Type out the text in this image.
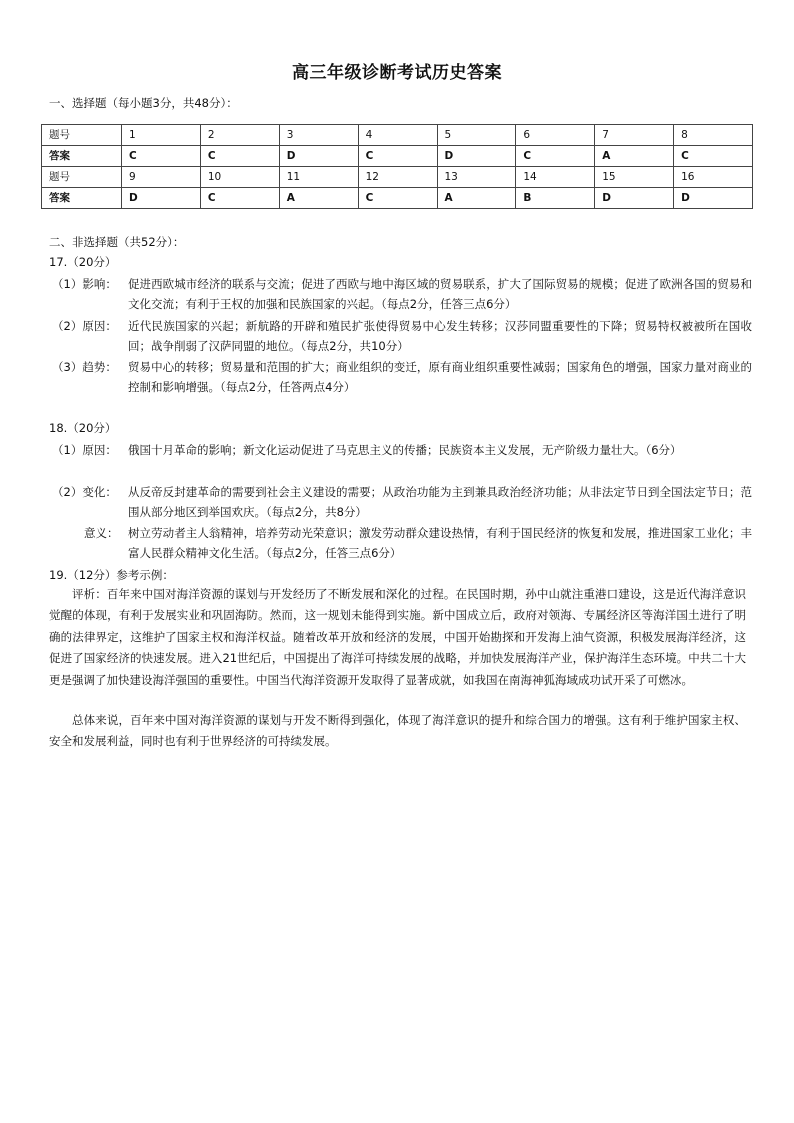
高三年级诊断考试历史答案
一、选择题（每小题3分，共48分）：
题号	1	2	3	4	5	6	7	8
答案	C	C	D	C	D	C	A	C
题号	9	10	11	12	13	14	15	16
答案	D	C	A	C	A	B	D	D
二、非选择题（共52分）：
17.（20分）
（1）影响： 促进西欧城市经济的联系与交流；促进了西欧与地中海区域的贸易联系，扩大了国际贸易的规模；促进了欧洲各国的贸易和文化交流；有利于王权的加强和民族国家的兴起。（每点2分，任答三点6分）
（2）原因： 近代民族国家的兴起；新航路的开辟和殖民扩张使得贸易中心发生转移；汉莎同盟重要性的下降；贸易特权被被所在国收回；战争削弱了汉萨同盟的地位。（每点2分，共10分）
（3）趋势： 贸易中心的转移；贸易量和范围的扩大；商业组织的变迁，原有商业组织重要性减弱；国家角色的增强，国家力量对商业的控制和影响增强。（每点2分，任答两点4分）
18.（20分）
（1）原因： 俄国十月革命的影响；新文化运动促进了马克思主义的传播；民族资本主义发展，无产阶级力量壮大。（6分）
（2）变化： 从反帝反封建革命的需要到社会主义建设的需要；从政治功能为主到兼具政治经济功能；从非法定节日到全国法定节日；范围从部分地区到举国欢庆。（每点2分，共8分）
意义： 树立劳动者主人翁精神，培养劳动光荣意识；激发劳动群众建设热情，有利于国民经济的恢复和发展，推进国家工业化；丰富人民群众精神文化生活。（每点2分，任答三点6分）
19.（12分）参考示例：
评析：百年来中国对海洋资源的谋划与开发经历了不断发展和深化的过程。在民国时期，孙中山就注重港口建设，这是近代海洋意识觉醒的体现，有利于发展实业和巩固海防。然而，这一规划未能得到实施。新中国成立后，政府对领海、专属经济区等海洋国土进行了明确的法律界定，这维护了国家主权和海洋权益。随着改革开放和经济的发展，中国开始勘探和开发海上油气资源，积极发展海洋经济，这促进了国家经济的快速发展。进入21世纪后，中国提出了海洋可持续发展的战略，并加快发展海洋产业，保护海洋生态环境。中共二十大更是强调了加快建设海洋强国的重要性。中国当代海洋资源开发取得了显著成就，如我国在南海神狐海域成功试开采了可燃冰。
总体来说，百年来中国对海洋资源的谋划与开发不断得到强化，体现了海洋意识的提升和综合国力的增强。这有利于维护国家主权、安全和发展利益，同时也有利于世界经济的可持续发展。
